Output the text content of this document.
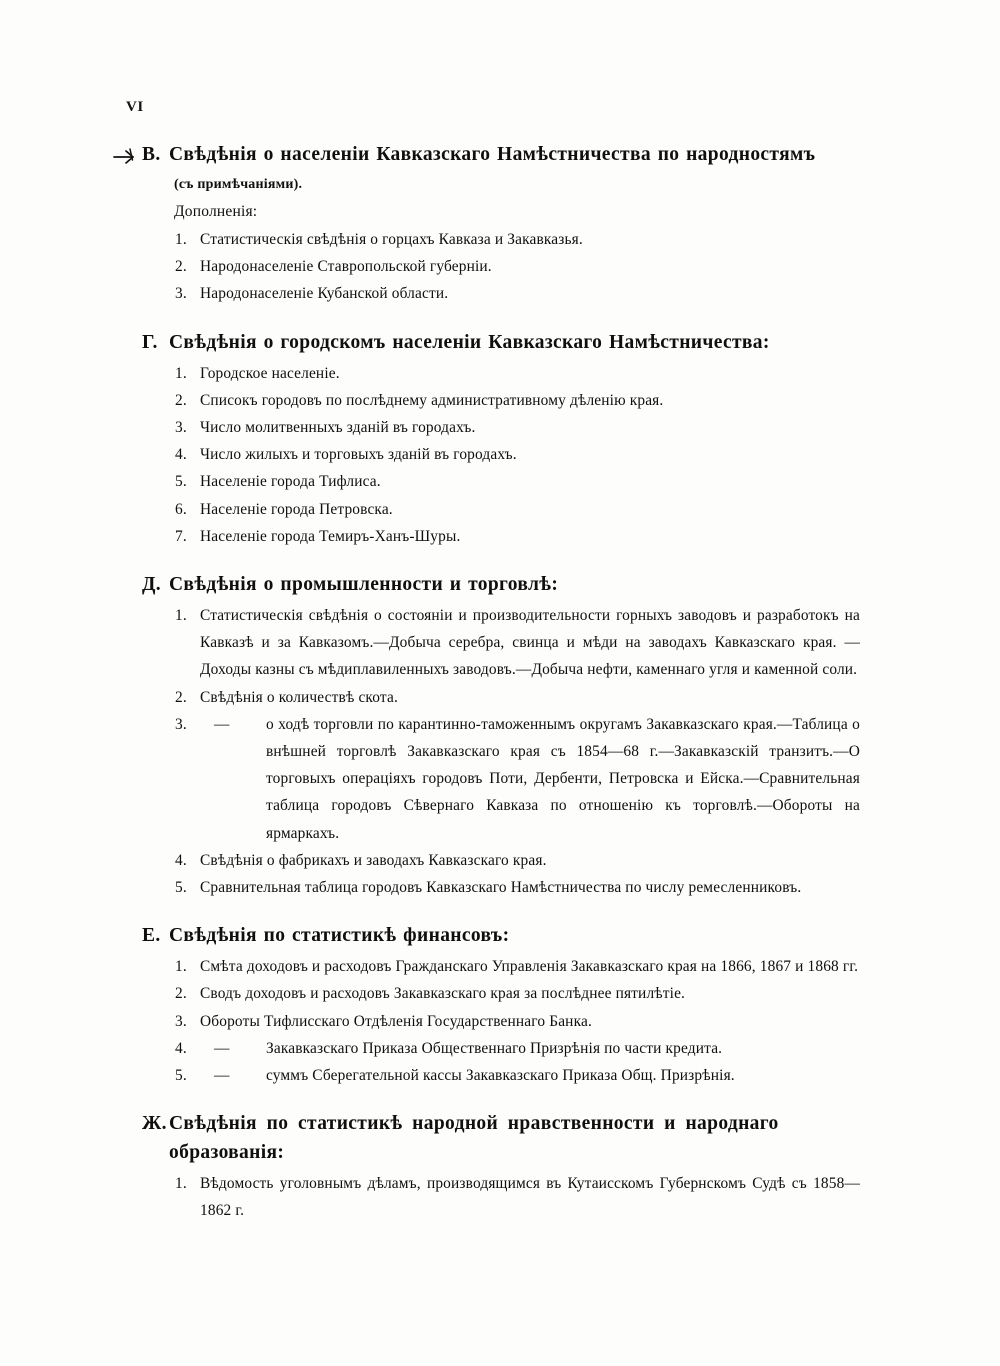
VI
В. Свѣдѣнія о населеніи Кавказскаго Намѣстничества по народностямъ
(съ примѣчаніями).
Дополненія:
1. Статистическія свѣдѣнія о горцахъ Кавказа и Закавказья.
2. Народонаселеніе Ставропольской губерніи.
3. Народонаселеніе Кубанской области.
Г. Свѣдѣнія о городскомъ населеніи Кавказскаго Намѣстничества:
1. Городское населеніе.
2. Списокъ городовъ по послѣднему административному дѣленію края.
3. Число молитвенныхъ зданій въ городахъ.
4. Число жилыхъ и торговыхъ зданій въ городахъ.
5. Населеніе города Тифлиса.
6. Населеніе города Петровска.
7. Населеніе города Темиръ-Ханъ-Шуры.
Д. Свѣдѣнія о промышленности и торговлѣ:
1. Статистическія свѣдѣнія о состояніи и производительности горныхъ заводовъ и разработокъ на Кавказѣ и за Кавказомъ.—Добыча серебра, свинца и мѣди на заводахъ Кавказскаго края. — Доходы казны съ мѣдиплавиленныхъ заводовъ.—Добыча нефти, каменнаго угля и каменной соли.
2. Свѣдѣнія о количествѣ скота.
3.	—	о ходѣ торговли по карантинно-таможеннымъ округамъ Закавказскаго края.—Таблица о внѣшней торговлѣ Закавказскаго края съ 1854—68 г.—Закавказскій транзитъ.—О торговыхъ операціяхъ городовъ Поти, Дербенти, Петровска и Ейска.—Сравнительная таблица городовъ Сѣвернаго Кавказа по отношенію къ торговлѣ.—Обороты на ярмаркахъ.
4. Свѣдѣнія о фабрикахъ и заводахъ Кавказскаго края.
5. Сравнительная таблица городовъ Кавказскаго Намѣстничества по числу ремесленниковъ.
Е. Свѣдѣнія по статистикѣ финансовъ:
1. Смѣта доходовъ и расходовъ Гражданскаго Управленія Закавказскаго края на 1866, 1867 и 1868 гг.
2. Сводъ доходовъ и расходовъ Закавказскаго края за послѣднее пятилѣтіе.
3. Обороты Тифлисскаго Отдѣленія Государственнаго Банка.
4.	—	Закавказскаго Приказа Общественнаго Призрѣнія по части кредита.
5.	—	суммъ Сберегательной кассы Закавказскаго Приказа Общ. Призрѣнія.
Ж. Свѣдѣнія по статистикѣ народной нравственности и народнаго образованія:
1. Вѣдомость уголовнымъ дѣламъ, производящимся въ Кутаисскомъ Губернскомъ Судѣ съ 1858—1862 г.
